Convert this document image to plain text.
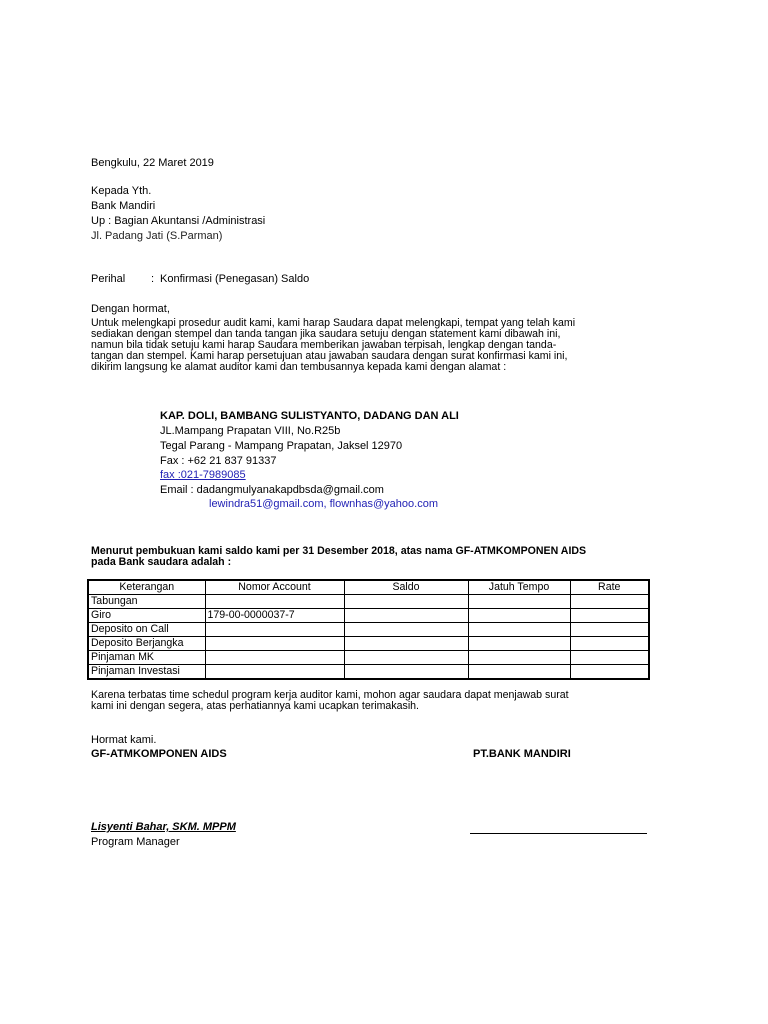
Bengkulu, 22 Maret 2019
Kepada Yth.
Bank Mandiri
Up : Bagian Akuntansi /Administrasi
Jl. Padang Jati (S.Parman)
Perihal : Konfirmasi (Penegasan) Saldo
Dengan hormat,
Untuk melengkapi prosedur audit kami, kami harap Saudara dapat melengkapi, tempat yang telah kami
sediakan dengan stempel dan tanda tangan jika saudara setuju dengan statement kami dibawah ini,
namun bila tidak setuju kami harap Saudara memberikan jawaban terpisah, lengkap dengan tanda-
tangan dan stempel. Kami harap persetujuan atau jawaban saudara dengan surat konfirmasi kami ini,
dikirim langsung ke alamat auditor kami dan tembusannya kepada kami dengan alamat :
KAP. DOLI, BAMBANG SULISTYANTO, DADANG DAN ALI
JL.Mampang Prapatan VIII, No.R25b
Tegal Parang - Mampang Prapatan, Jaksel 12970
Fax : +62 21 837 91337
fax :021-7989085
Email : dadangmulyanakapdbsda@gmail.com
lewindra51@gmail.com, flownhas@yahoo.com
Menurut pembukuan kami saldo kami per 31 Desember 2018, atas nama GF-ATMKOMPONEN AIDS
pada Bank saudara adalah :
Keterangan	Nomor Account	Saldo	Jatuh Tempo	Rate
Tabungan				
Giro	179-00-0000037-7			
Deposito on Call				
Deposito Berjangka				
Pinjaman MK				
Pinjaman Investasi				
Karena terbatas time schedul program kerja auditor kami, mohon agar saudara dapat menjawab surat
kami ini dengan segera, atas perhatiannya kami ucapkan terimakasih.
Hormat kami.
GF-ATMKOMPONEN AIDS	PT.BANK MANDIRI
Lisyenti Bahar, SKM. MPPM
Program Manager
